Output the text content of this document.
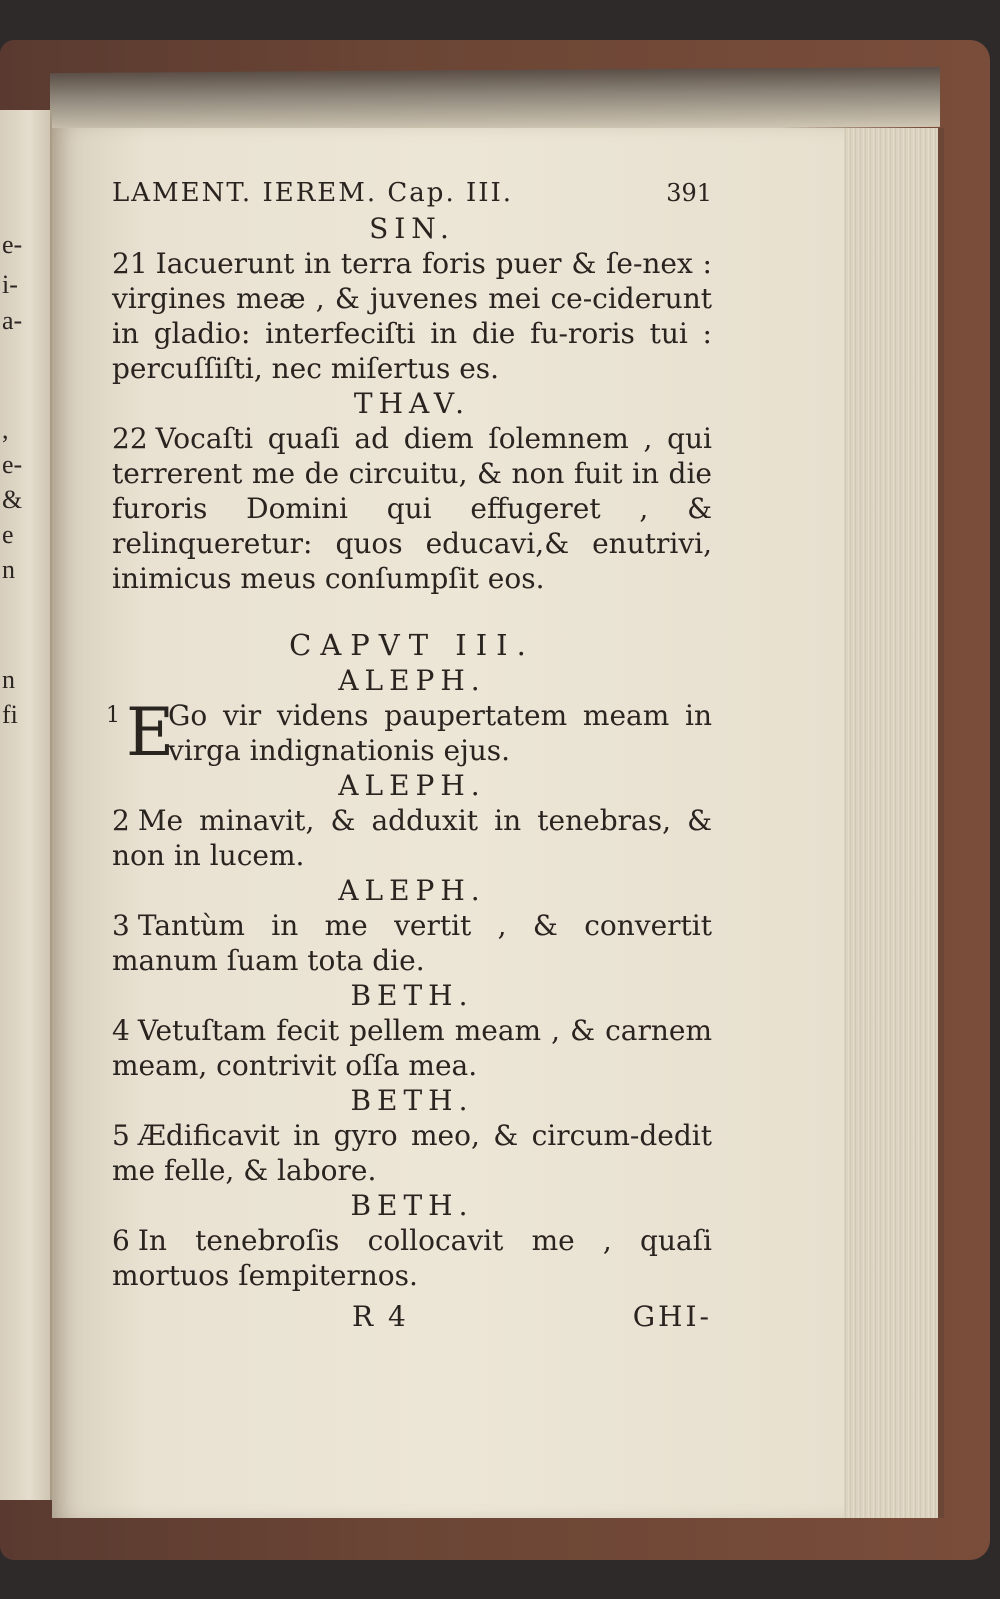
e-
i-
a-
,
e-
&
e
n
n
fi
LAMENT. IEREM. Cap. III.	391
SIN.
21 Iacuerunt in terra foris puer & ſe-nex : virgines meæ , & juvenes mei ce-ciderunt in gladio: interfeciſti in die fu-roris tui : percuſſiſti, nec miſertus es.
THAV.
22 Vocaſti quaſi ad diem ſolemnem , qui terrerent me de circuitu, & non fuit in die furoris Domini qui effugeret , & relinqueretur: quos educavi,& enutrivi, inimicus meus conſumpſit eos.
CAPVT III.
ALEPH.
1 E
Go vir videns paupertatem meam in virga indignationis ejus.
ALEPH.
2 Me minavit, & adduxit in tenebras, & non in lucem.
ALEPH.
3 Tantùm in me vertit , & convertit manum ſuam tota die.
BETH.
4 Vetuſtam fecit pellem meam , & carnem meam, contrivit oſſa mea.
BETH.
5 Ædificavit in gyro meo, & circum-dedit me felle, & labore.
BETH.
6 In tenebroſis collocavit me , quaſi mortuos ſempiternos.
R 4	GHI-
